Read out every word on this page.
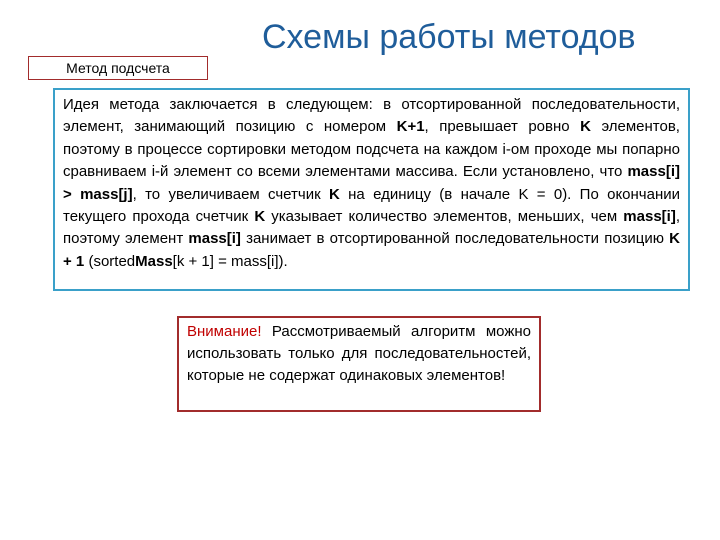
Схемы работы методов
Метод подсчета

Идея метода заключается в следующем: в отсортированной последовательности, элемент, занимающий позицию с номером K+1, превышает ровно K элементов, поэтому в процессе сортировки методом подсчета на каждом i-ом проходе мы попарно сравниваем i-й элемент со всеми элементами массива. Если установлено, что mass[i] > mass[j], то увеличиваем счетчик K на единицу (в начале K = 0). По окончании текущего прохода счетчик K указывает количество элементов, меньших, чем mass[i], поэтому элемент mass[i] занимает в отсортированной последовательности позицию K + 1 (sortedMass[k + 1] = mass[i]).

Внимание! Рассмотриваемый алгоритм можно использовать только для последовательностей, которые не содержат одинаковых элементов!
